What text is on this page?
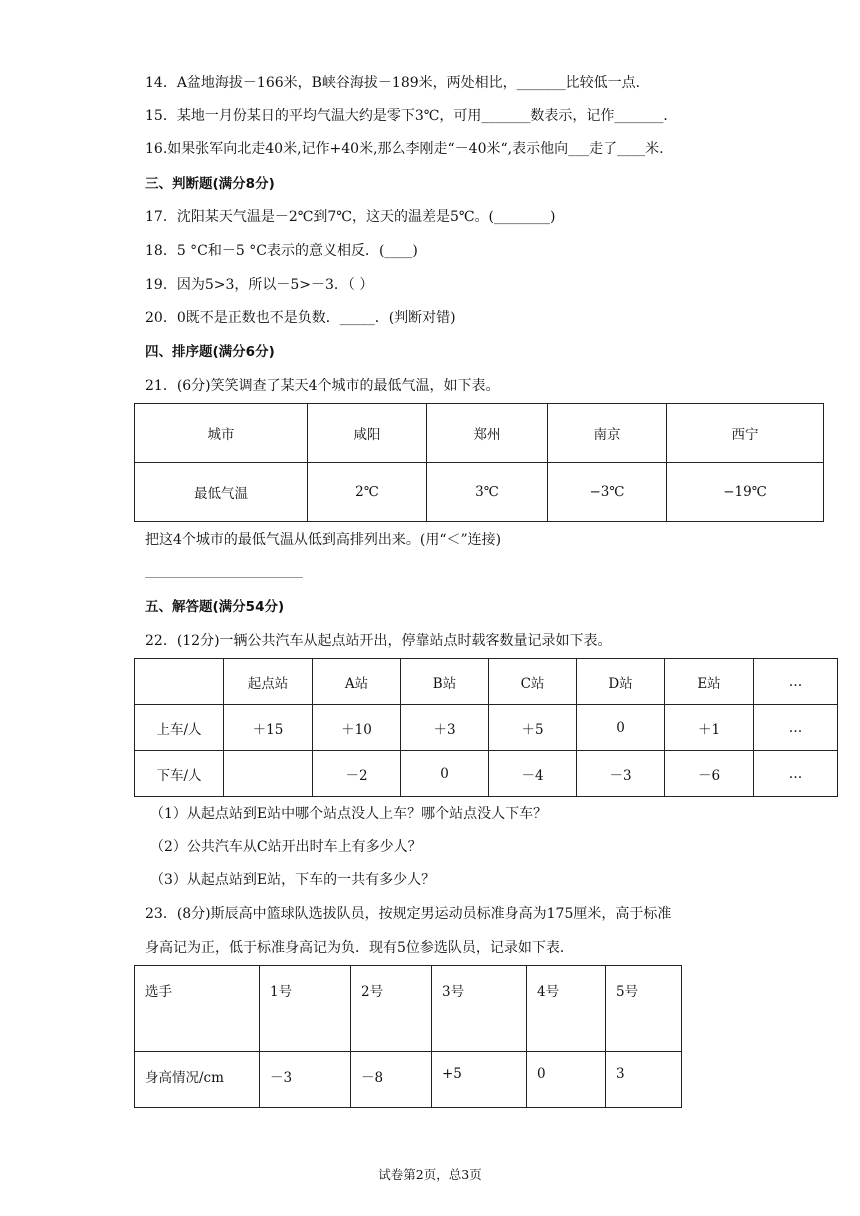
14．A盆地海拔－166米，B峡谷海拔－189米，两处相比，_______比较低一点．
15．某地一月份某日的平均气温大约是零下3℃，可用_______数表示，记作_______．
16.如果张军向北走40米,记作+40米,那么李刚走“－40米“,表示他向___走了____米.
三、判断题(满分8分)
17．沈阳某天气温是－2℃到7℃，这天的温差是5℃。(________)
18．5 °C和－5 °C表示的意义相反．(____)
19．因为5>3，所以－5>－3．（ ）
20．0既不是正数也不是负数．_____．(判断对错)
四、排序题(满分6分)
21．(6分)笑笑调查了某天4个城市的最低气温，如下表。
城市	咸阳	郑州	南京	西宁
最低气温	2℃	3℃	−3℃	−19℃
把这4个城市的最低气温从低到高排列出来。(用“＜”连接)
五、解答题(满分54分)
22．(12分)一辆公共汽车从起点站开出，停靠站点时载客数量记录如下表。
	起点站	A站	B站	C站	D站	E站	…
上车/人	＋15	＋10	＋3	＋5	0	＋1	…
下车/人		－2	0	－4	－3	－6	…
（1）从起点站到E站中哪个站点没人上车？哪个站点没人下车？
（2）公共汽车从C站开出时车上有多少人？
（3）从起点站到E站，下车的一共有多少人？
23．(8分)斯辰高中篮球队选拔队员，按规定男运动员标准身高为175厘米，高于标准
身高记为正，低于标准身高记为负．现有5位参选队员，记录如下表．
选手	1号	2号	3号	4号	5号
身高情况/cm	－3	－8	+5	0	3
试卷第2页，总3页
